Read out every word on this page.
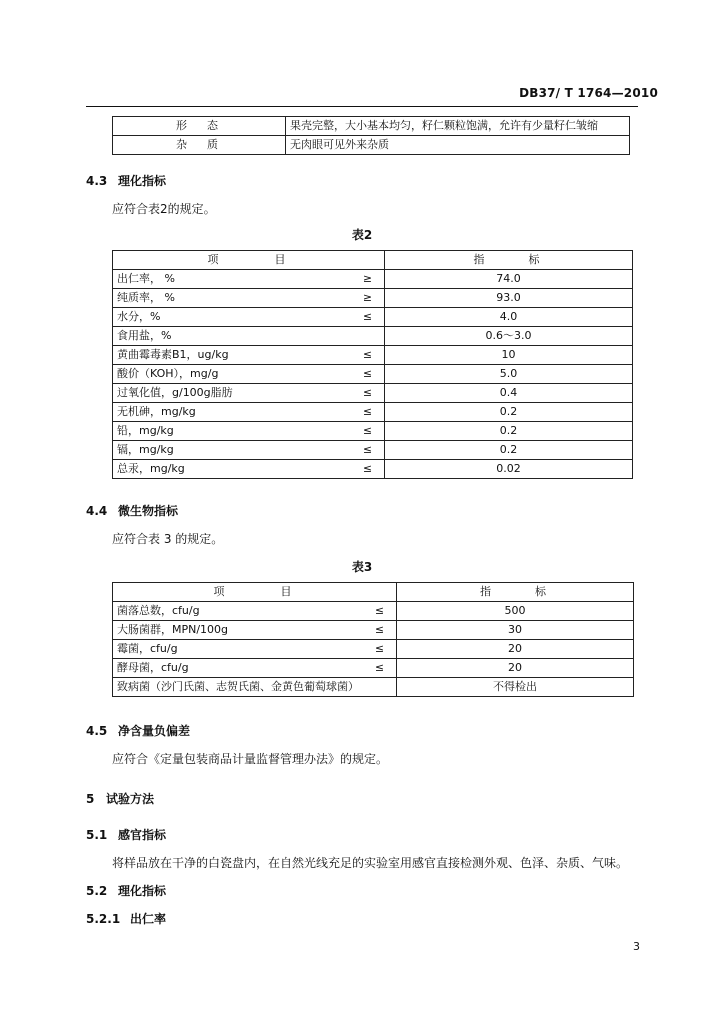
DB37/ T 1764—2010
形态	果壳完整，大小基本均匀，籽仁颗粒饱满，允许有少量籽仁皱缩
杂质	无肉眼可见外来杂质
4.3 理化指标
应符合表2的规定。
表2
项目		指标
出仁率， %	≥	74.0
纯质率， %	≥	93.0
水分，%	≤	4.0
食用盐，%		0.6～3.0
黄曲霉毒素B1，ug/kg	≤	10
酸价（KOH），mg/g	≤	5.0
过氧化值，g/100g脂肪	≤	0.4
无机砷，mg/kg	≤	0.2
铅，mg/kg	≤	0.2
镉，mg/kg	≤	0.2
总汞，mg/kg	≤	0.02
4.4 微生物指标
应符合表 3 的规定。
表3
项目		指标
菌落总数，cfu/g	≤	500
大肠菌群，MPN/100g	≤	30
霉菌，cfu/g	≤	20
酵母菌，cfu/g	≤	20
致病菌（沙门氏菌、志贺氏菌、金黄色葡萄球菌）		不得检出
4.5 净含量负偏差
应符合《定量包装商品计量监督管理办法》的规定。
5 试验方法
5.1 感官指标
将样品放在干净的白瓷盘内，在自然光线充足的实验室用感官直接检测外观、色泽、杂质、气味。
5.2 理化指标
5.2.1 出仁率
3
